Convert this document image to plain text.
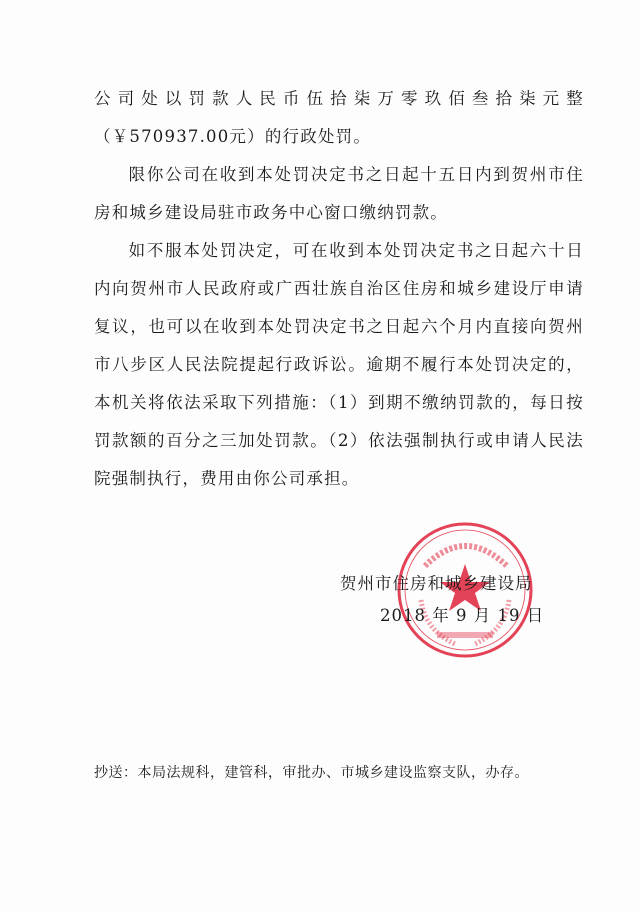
公司处以罚款人民币伍拾柒万零玖佰叁拾柒元整（￥570937.00元）的行政处罚。

限你公司在收到本处罚决定书之日起十五日内到贺州市住房和城乡建设局驻市政务中心窗口缴纳罚款。

如不服本处罚决定，可在收到本处罚决定书之日起六十日内向贺州市人民政府或广西壮族自治区住房和城乡建设厅申请复议，也可以在收到本处罚决定书之日起六个月内直接向贺州市八步区人民法院提起行政诉讼。逾期不履行本处罚决定的，本机关将依法采取下列措施：（1）到期不缴纳罚款的，每日按罚款额的百分之三加处罚款。（2）依法强制执行或申请人民法院强制执行，费用由你公司承担。

贺州市住房和城乡建设局
2018 年 9 月 19 日
抄送：本局法规科，建管科，审批办、市城乡建设监察支队，办存。
